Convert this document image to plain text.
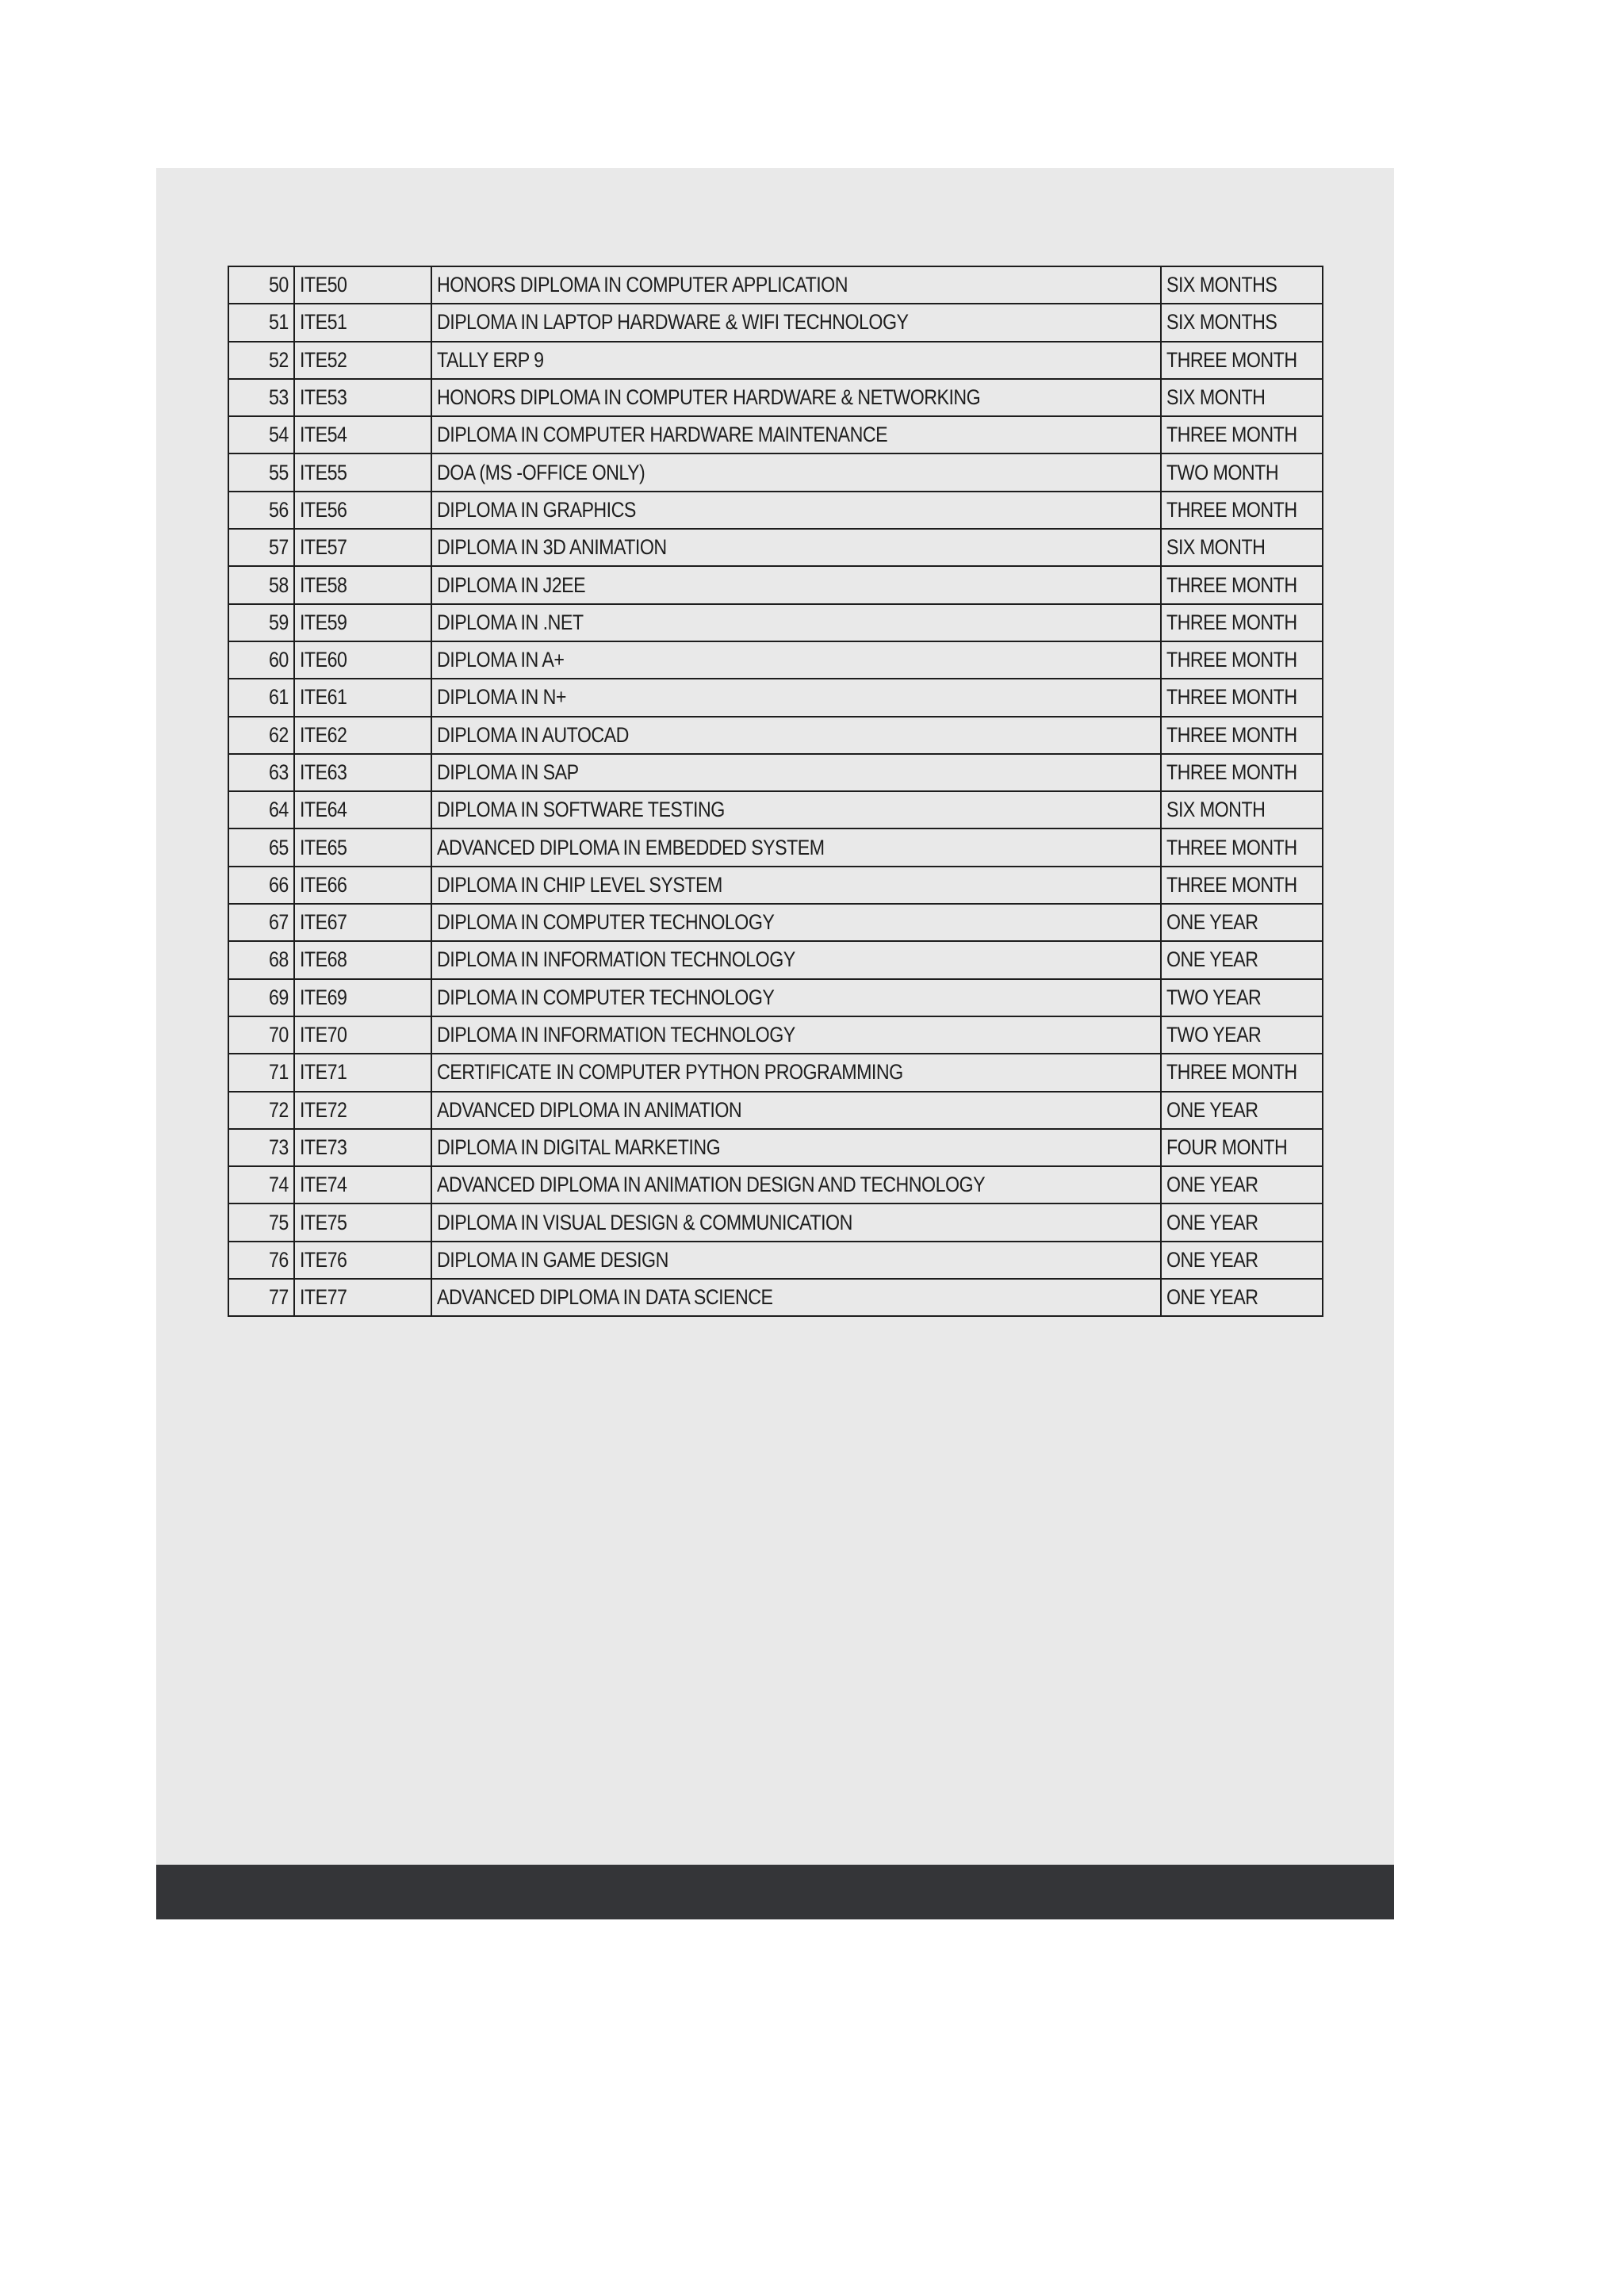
50	ITE50	HONORS DIPLOMA IN COMPUTER APPLICATION	SIX MONTHS
51	ITE51	DIPLOMA IN LAPTOP HARDWARE & WIFI TECHNOLOGY	SIX MONTHS
52	ITE52	TALLY ERP 9	THREE MONTH
53	ITE53	HONORS DIPLOMA IN COMPUTER HARDWARE & NETWORKING	SIX MONTH
54	ITE54	DIPLOMA IN COMPUTER HARDWARE MAINTENANCE	THREE MONTH
55	ITE55	DOA (MS -OFFICE ONLY)	TWO MONTH
56	ITE56	DIPLOMA IN GRAPHICS	THREE MONTH
57	ITE57	DIPLOMA IN 3D ANIMATION	SIX MONTH
58	ITE58	DIPLOMA IN J2EE	THREE MONTH
59	ITE59	DIPLOMA IN .NET	THREE MONTH
60	ITE60	DIPLOMA IN A+	THREE MONTH
61	ITE61	DIPLOMA IN N+	THREE MONTH
62	ITE62	DIPLOMA IN AUTOCAD	THREE MONTH
63	ITE63	DIPLOMA IN SAP	THREE MONTH
64	ITE64	DIPLOMA IN SOFTWARE TESTING	SIX MONTH
65	ITE65	ADVANCED DIPLOMA IN EMBEDDED SYSTEM	THREE MONTH
66	ITE66	DIPLOMA IN CHIP LEVEL SYSTEM	THREE MONTH
67	ITE67	DIPLOMA IN COMPUTER TECHNOLOGY	ONE YEAR
68	ITE68	DIPLOMA IN INFORMATION TECHNOLOGY	ONE YEAR
69	ITE69	DIPLOMA IN COMPUTER TECHNOLOGY	TWO YEAR
70	ITE70	DIPLOMA IN INFORMATION TECHNOLOGY	TWO YEAR
71	ITE71	CERTIFICATE IN COMPUTER PYTHON PROGRAMMING	THREE MONTH
72	ITE72	ADVANCED DIPLOMA IN ANIMATION	ONE YEAR
73	ITE73	DIPLOMA IN DIGITAL MARKETING	FOUR MONTH
74	ITE74	ADVANCED DIPLOMA IN ANIMATION DESIGN AND TECHNOLOGY	ONE YEAR
75	ITE75	DIPLOMA IN VISUAL DESIGN & COMMUNICATION	ONE YEAR
76	ITE76	DIPLOMA IN GAME DESIGN	ONE YEAR
77	ITE77	ADVANCED DIPLOMA IN DATA SCIENCE	ONE YEAR
